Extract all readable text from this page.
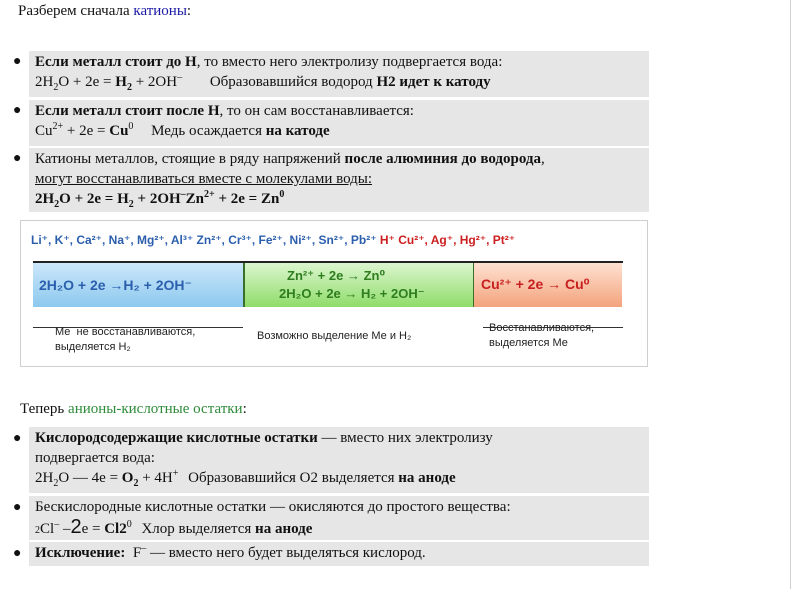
Разберем сначала катионы:
● Если металл стоит до Н, то вместо него электролизу подвергается вода:
$2H_2O + 2e = H_2 + 2OH^-$ Образовавшийся водород Н2 идет к катоду
● Если металл стоит после Н, то он сам восстанавливается:
$Cu^{2+} + 2e = Cu^0$ Медь осаждается на катоде
● Катионы металлов, стоящие в ряду напряжений после алюминия до водорода,
могут восстанавливаться вместе с молекулами воды:
$2H_2O + 2e = H_2 + 2OH^-Zn^{2+} + 2e = Zn^0$
Li⁺, K⁺, Ca²⁺, Na⁺, Mg²⁺, Al³⁺ Zn²⁺, Cr³⁺, Fe²⁺, Ni²⁺, Sn²⁺, Pb²⁺ H⁺ Cu²⁺, Ag⁺, Hg²⁺, Pt²⁺
2H₂O + 2e →H₂ + 2OH⁻
Zn²⁺ + 2e → Zn⁰
2H₂O + 2e → H₂ + 2OH⁻
Cu²⁺ + 2e → Cu⁰
Ме  не восстанавливаются,
выделяется Н₂
Возможно выделение Ме и Н₂
Восстанавливаются,
выделяется Ме
Теперь анионы-кислотные остатки:
● Кислородсодержащие кислотные остатки — вместо них электролизу
подвергается вода:
$2H_2O$ — $4e = O_2 + 4H^+$ Образовавшийся О2 выделяется на аноде
● Бескислородные кислотные остатки — окисляются до простого вещества:
2Cl– $-2e = Cl2^0$ Хлор выделяется на аноде
● Исключение: F– — вместо него будет выделяться кислород.
